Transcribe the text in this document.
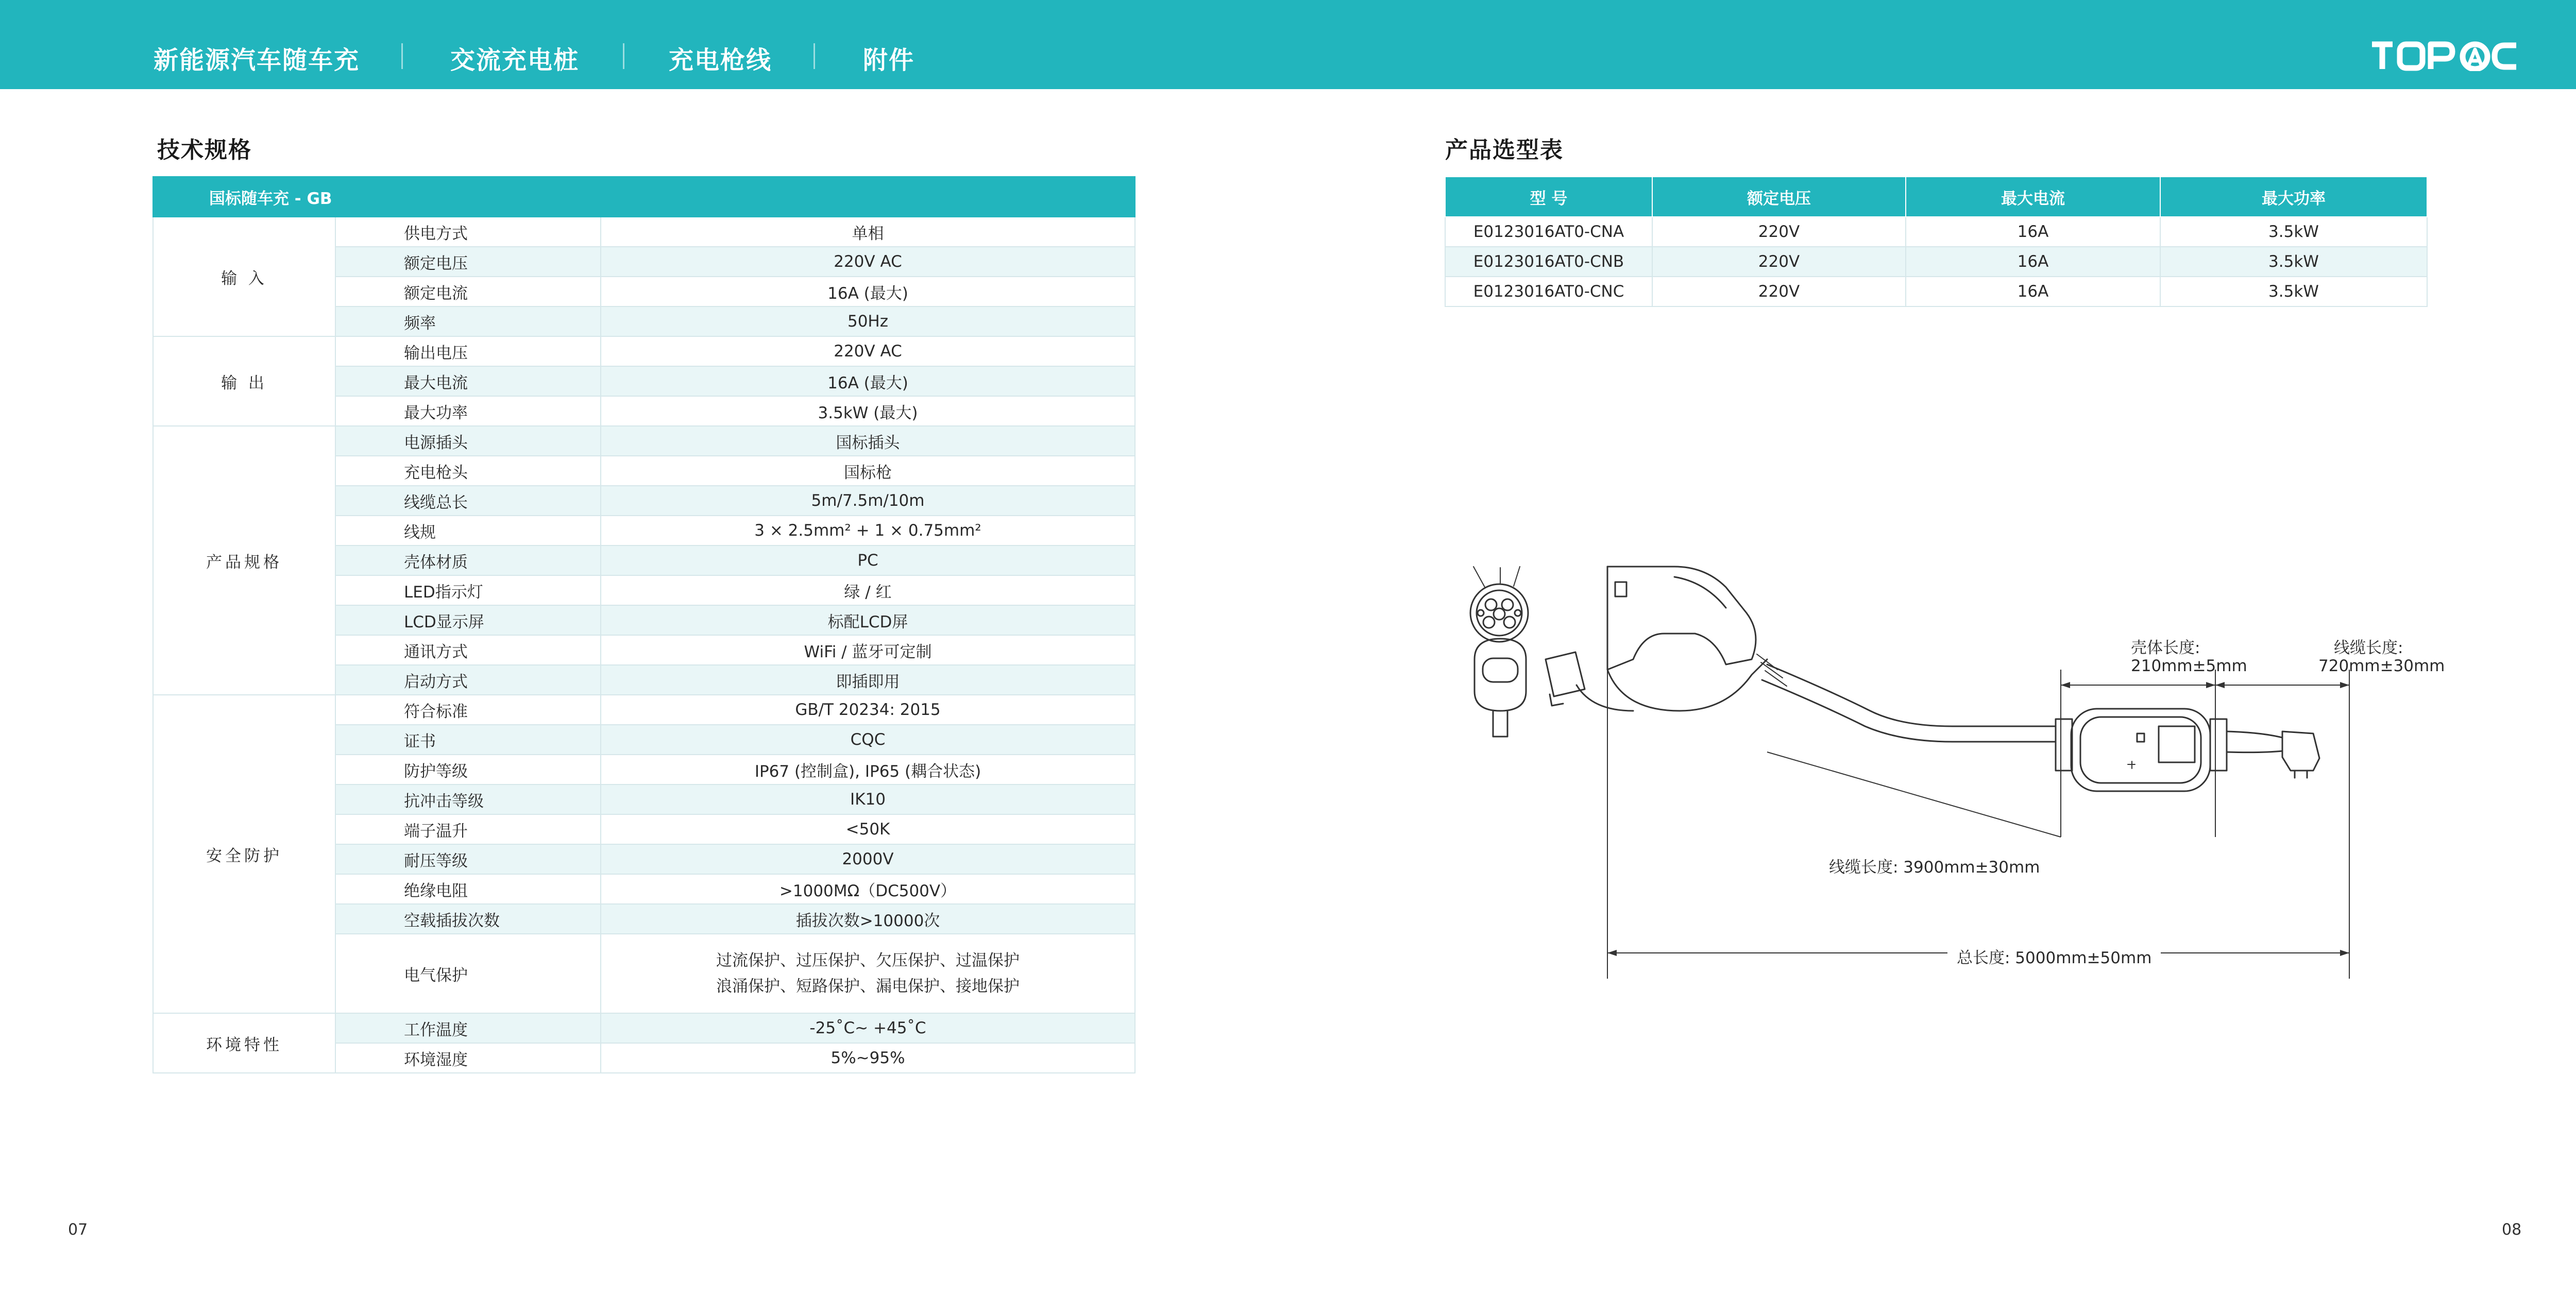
新能源汽车随车充	交流充电桩	充电枪线	附件
技术规格
国标随车充 - GB		
输 入	供电方式	单相
	额定电压	220V AC
	额定电流	16A (最大)
	频率	50Hz
输 出	输出电压	220V AC
	最大电流	16A (最大)
	最大功率	3.5kW (最大)
产品规格	电源插头	国标插头
	充电枪头	国标枪
	线缆总长	5m/7.5m/10m
	线规	3 × 2.5mm² + 1 × 0.75mm²
	壳体材质	PC
	LED指示灯	绿 / 红
	LCD显示屏	标配LCD屏
	通讯方式	WiFi / 蓝牙可定制
	启动方式	即插即用
安全防护	符合标准	GB/T 20234: 2015
	证书	CQC
	防护等级	IP67 (控制盒), IP65 (耦合状态)
	抗冲击等级	IK10
	端子温升	<50K
	耐压等级	2000V
	绝缘电阻	>1000MΩ（DC500V）
	空载插拔次数	插拔次数>10000次
	电气保护	过流保护、过压保护、欠压保护、过温保护
浪涌保护、短路保护、漏电保护、接地保护

环境特性	工作温度	-25˚C~ +45˚C
	环境湿度	5%~95%
产品选型表
型 号	额定电压	最大电流	最大功率
E0123016AT0-CNA	220V	16A	3.5kW
E0123016AT0-CNB	220V	16A	3.5kW
E0123016AT0-CNC	220V	16A	3.5kW
壳体长度:
210mm±5mm
线缆长度:
720mm±30mm
线缆长度: 3900mm±30mm
总长度: 5000mm±50mm
07	08
